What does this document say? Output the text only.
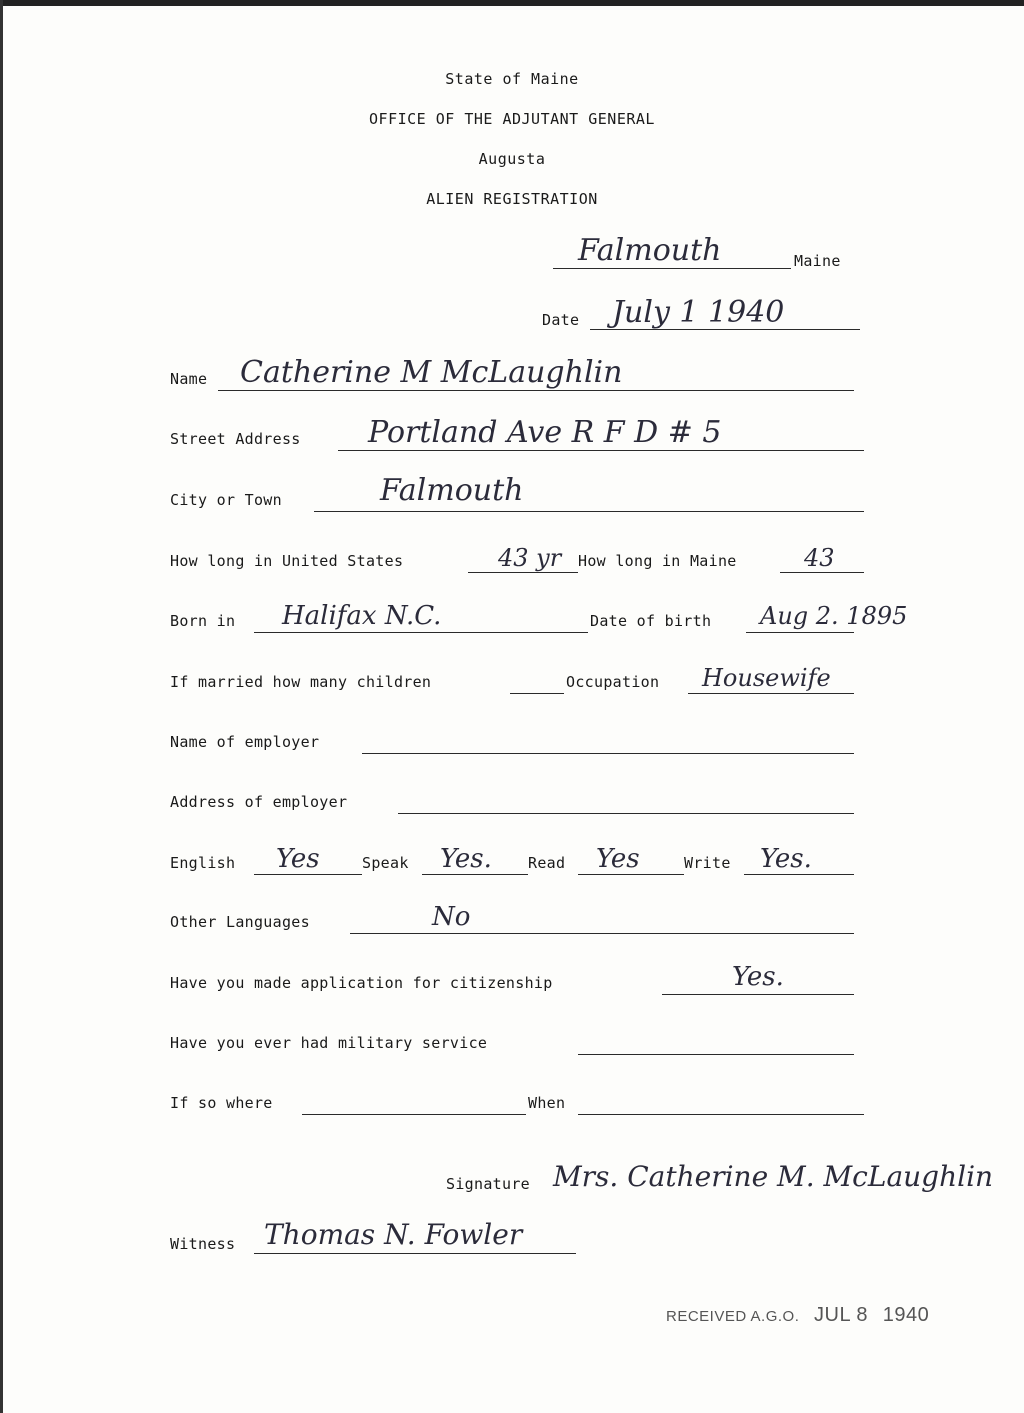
State of Maine
OFFICE OF THE ADJUTANT GENERAL
Augusta
ALIEN REGISTRATION
Falmouth	Maine
Date July 1 1940
Name Catherine M McLaughlin
Street Address Portland Ave R F D # 5
City or Town	Falmouth
How long in United States	43 yr How long in Maine	43
Born in Halifax N.C.	Date of birth Aug 2. 1895
If married how many children	Occupation Housewife
Name of employer
Address of employer
English Yes	Speak Yes. Read Yes	Write Yes.
Other Languages	No
Have you made application for citizenship	Yes.
Have you ever had military service
If so where	When
Signature Mrs. Catherine M. McLaughlin
Witness Thomas N. Fowler
RECEIVED A.G.O. JUL 8 1940
